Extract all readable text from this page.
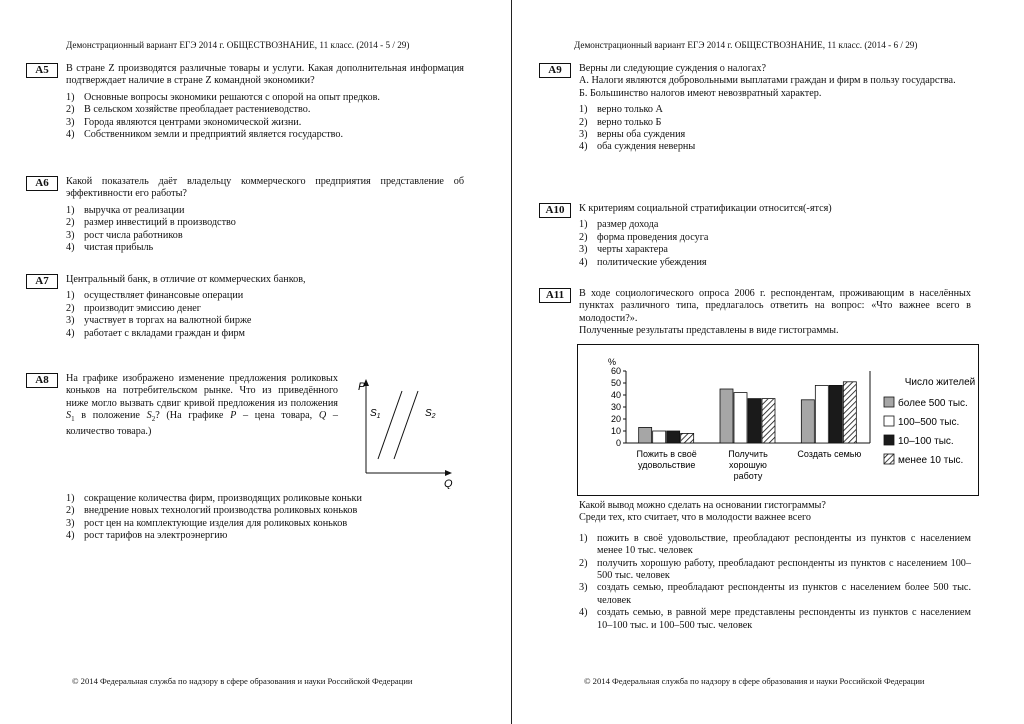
Демонстрационный вариант ЕГЭ 2014 г. ОБЩЕСТВОЗНАНИЕ, 11 класс. (2014 - 5 / 29)
А5	В стране Z производятся различные товары и услуги. Какая дополнительная информация подтверждает наличие в стране Z командной экономики?
1) Основные вопросы экономики решаются с опорой на опыт предков.
2) В сельском хозяйстве преобладает растениеводство.
3) Города являются центрами экономической жизни.
4) Собственником земли и предприятий является государство.
А6	Какой показатель даёт владельцу коммерческого предприятия представление об эффективности его работы?
1) выручка от реализации
2) размер инвестиций в производство
3) рост числа работников
4) чистая прибыль
А7	Центральный банк, в отличие от коммерческих банков,
1) осуществляет финансовые операции
2) производит эмиссию денег
3) участвует в торгах на валютной бирже
4) работает с вкладами граждан и фирм
А8	На графике изображено изменение предложения роликовых коньков на потребительском рынке. Что из приведённого ниже могло вызвать сдвиг кривой предложения из положения $S_1$ в положение $S_2$? (На графике P – цена товара, Q – количество товара.)
P
Q
$S_1$	$S_2$
1) сокращение количества фирм, производящих роликовые коньки
2) внедрение новых технологий производства роликовых коньков
3) рост цен на комплектующие изделия для роликовых коньков
4) рост тарифов на электроэнергию
© 2014 Федеральная служба по надзору в сфере образования и науки Российской Федерации
Демонстрационный вариант ЕГЭ 2014 г. ОБЩЕСТВОЗНАНИЕ, 11 класс. (2014 - 6 / 29)
А9	Верны ли следующие суждения о налогах?
А. Налоги являются добровольными выплатами граждан и фирм в пользу государства.
Б. Большинство налогов имеют невозвратный характер.
1) верно только А
2) верно только Б
3) верны оба суждения
4) оба суждения неверны
А10	К критериям социальной стратификации относится(-ятся)
1) размер дохода
2) форма проведения досуга
3) черты характера
4) политические убеждения
А11	В ходе социологического опроса 2006 г. респондентам, проживающим в населённых пунктах различного типа, предлагалось ответить на вопрос: «Что важнее всего в молодости?».
Полученные результаты представлены в виде гистограммы.
0
10
20
30
40
50
60
%
Пожить в своё
удовольствие
Получить
хорошую
работу
Создать семью
Число жителей
более 500 тыс.
100–500 тыс.
10–100 тыс.
менее 10 тыс.
Какой вывод можно сделать на основании гистограммы?
Среди тех, кто считает, что в молодости важнее всего
1) пожить в своё удовольствие, преобладают респонденты из пунктов с населением менее 10 тыс. человек
2) получить хорошую работу, преобладают респонденты из пунктов с населением 100–500 тыс. человек
3) создать семью, преобладают респонденты из пунктов с населением более 500 тыс. человек
4) создать семью, в равной мере представлены респонденты из пунктов с населением 10–100 тыс. и 100–500 тыс. человек
© 2014 Федеральная служба по надзору в сфере образования и науки Российской Федерации
